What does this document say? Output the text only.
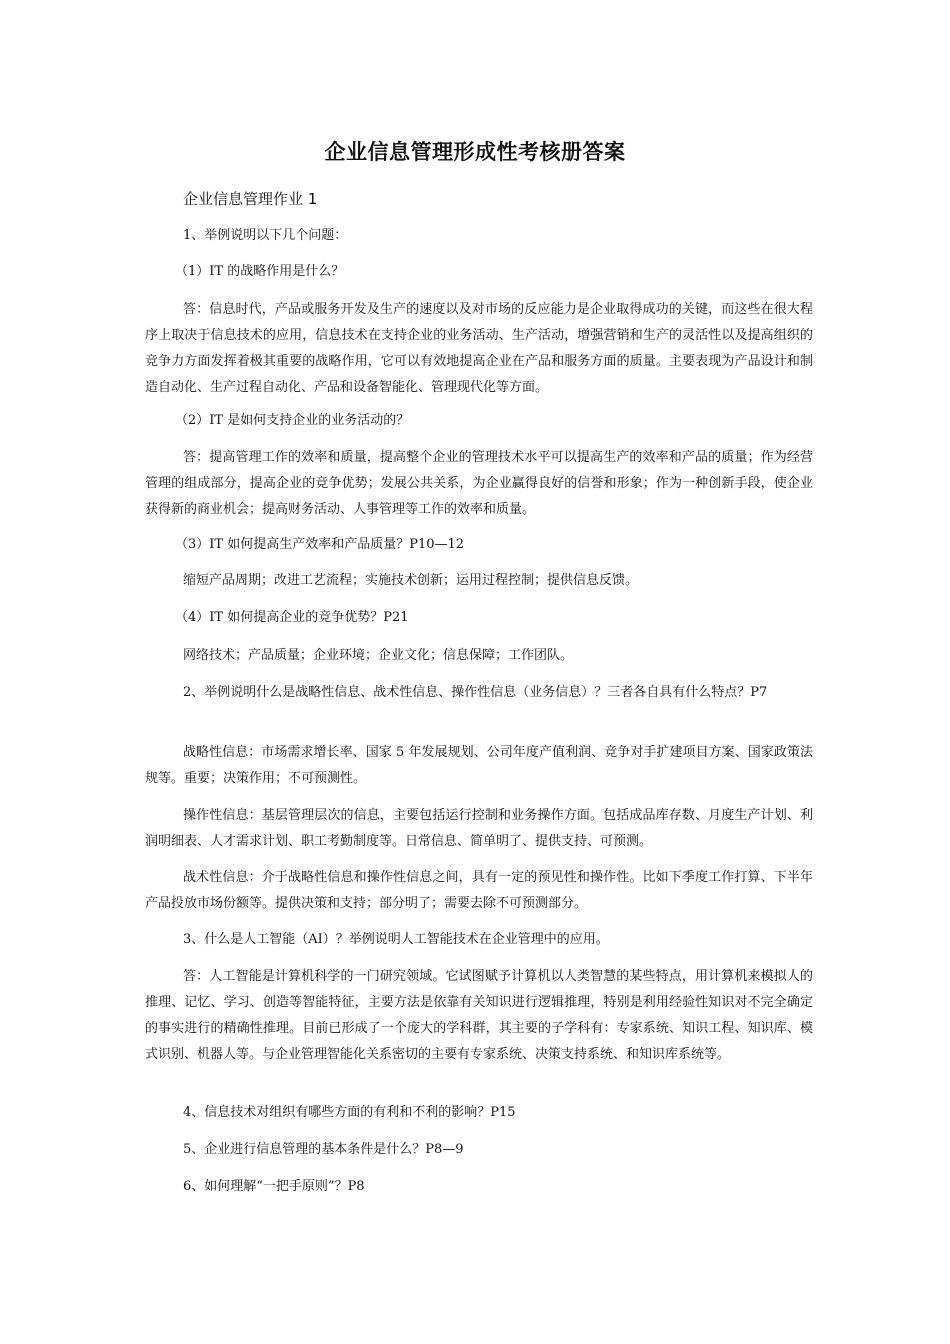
企业信息管理形成性考核册答案

企业信息管理作业 1

1、举例说明以下几个问题：

（1）IT 的战略作用是什么？

答：信息时代，产品或服务开发及生产的速度以及对市场的反应能力是企业取得成功的关键，而这些在很大程序上取决于信息技术的应用，信息技术在支持企业的业务活动、生产活动，增强营销和生产的灵活性以及提高组织的竞争力方面发挥着极其重要的战略作用，它可以有效地提高企业在产品和服务方面的质量。主要表现为产品设计和制造自动化、生产过程自动化、产品和设备智能化、管理现代化等方面。

（2）IT 是如何支持企业的业务活动的？

答：提高管理工作的效率和质量，提高整个企业的管理技术水平可以提高生产的效率和产品的质量；作为经营管理的组成部分，提高企业的竞争优势；发展公共关系，为企业赢得良好的信誉和形象；作为一种创新手段，使企业获得新的商业机会；提高财务活动、人事管理等工作的效率和质量。

（3）IT 如何提高生产效率和产品质量？P10—12

缩短产品周期；改进工艺流程；实施技术创新；运用过程控制；提供信息反馈。

（4）IT 如何提高企业的竞争优势？P21

网络技术；产品质量；企业环境；企业文化；信息保障；工作团队。

2、举例说明什么是战略性信息、战术性信息、操作性信息（业务信息）？三者各自具有什么特点？P7

战略性信息：市场需求增长率、国家 5 年发展规划、公司年度产值利润、竞争对手扩建项目方案、国家政策法规等。重要；决策作用；不可预测性。

操作性信息：基层管理层次的信息，主要包括运行控制和业务操作方面。包括成品库存数、月度生产计划、利润明细表、人才需求计划、职工考勤制度等。日常信息、简单明了、提供支持、可预测。

战术性信息：介于战略性信息和操作性信息之间，具有一定的预见性和操作性。比如下季度工作打算、下半年产品投放市场份额等。提供决策和支持；部分明了；需要去除不可预测部分。

3、什么是人工智能（AI）？举例说明人工智能技术在企业管理中的应用。

答：人工智能是计算机科学的一门研究领域。它试图赋予计算机以人类智慧的某些特点，用计算机来模拟人的推理、记忆、学习、创造等智能特征，主要方法是依靠有关知识进行逻辑推理，特别是利用经验性知识对不完全确定的事实进行的精确性推理。目前已形成了一个庞大的学科群，其主要的子学科有：专家系统、知识工程、知识库、模式识别、机器人等。与企业管理智能化关系密切的主要有专家系统、决策支持系统、和知识库系统等。

4、信息技术对组织有哪些方面的有利和不利的影响？P15

5、企业进行信息管理的基本条件是什么？P8—9

6、如何理解“一把手原则”？P8
